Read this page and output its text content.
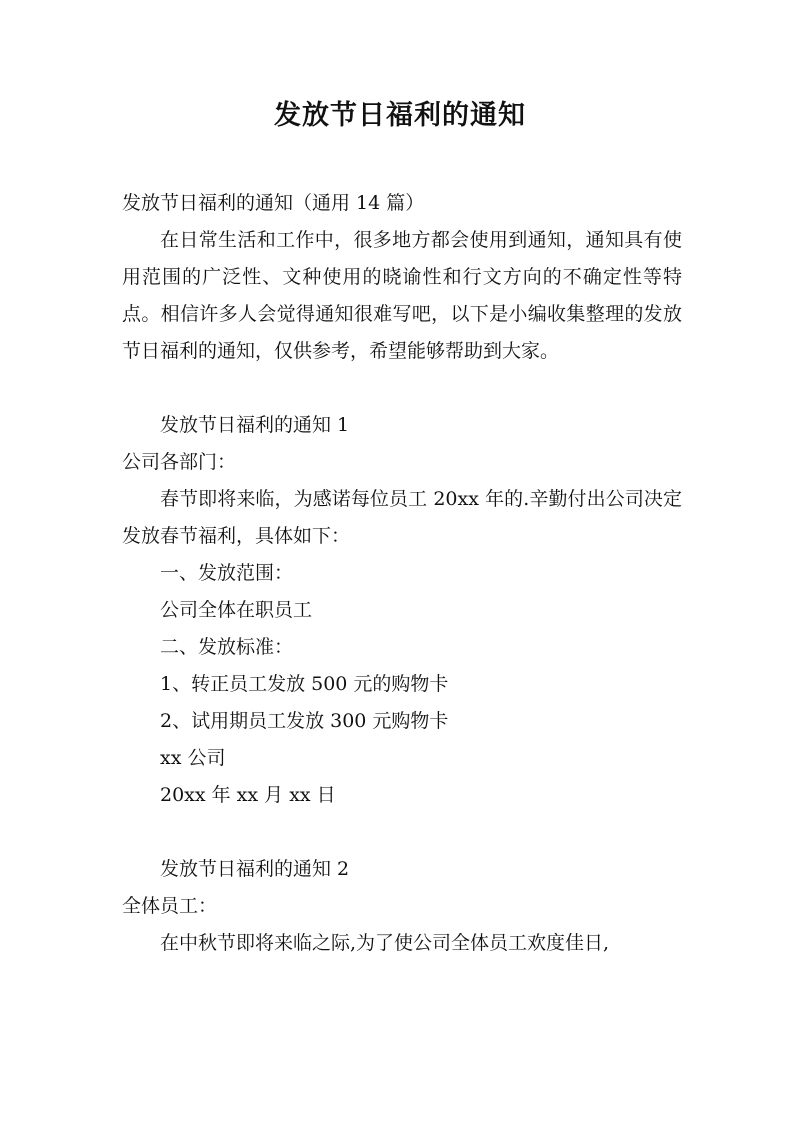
发放节日福利的通知

发放节日福利的通知（通用 14 篇）

在日常生活和工作中，很多地方都会使用到通知，通知具有使用范围的广泛性、文种使用的晓谕性和行文方向的不确定性等特点。相信许多人会觉得通知很难写吧，以下是小编收集整理的发放节日福利的通知，仅供参考，希望能够帮助到大家。

发放节日福利的通知 1

公司各部门：

春节即将来临，为感诺每位员工 20xx 年的.辛勤付出公司决定发放春节福利，具体如下：

一、发放范围：

公司全体在职员工

二、发放标准：

1、转正员工发放 500 元的购物卡

2、试用期员工发放 300 元购物卡

xx 公司

20xx 年 xx 月 xx 日

发放节日福利的通知 2

全体员工：

在中秋节即将来临之际,为了使公司全体员工欢度佳日,
